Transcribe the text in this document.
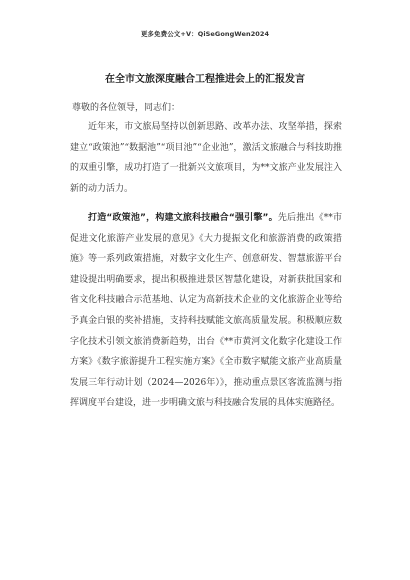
更多免费公文+V：QiSeGongWen2024
在全市文旅深度融合工程推进会上的汇报发言
尊敬的各位领导，同志们：

近年来，市文旅局坚持以创新思路、改革办法、攻坚举措，探索建立“政策池”“数据池”“项目池”“企业池”，激活文旅融合与科技助推的双重引擎，成功打造了一批新兴文旅项目，为**文旅产业发展注入新的动力活力。

打造“政策池”，构建文旅科技融合“强引擎”。先后推出《**市促进文化旅游产业发展的意见》《大力提振文化和旅游消费的政策措施》等一系列政策措施，对数字文化生产、创意研发、智慧旅游平台建设提出明确要求，提出积极推进景区智慧化建设，对新获批国家和省文化科技融合示范基地、认定为高新技术企业的文化旅游企业等给予真金白银的奖补措施，支持科技赋能文旅高质量发展。积极顺应数字化技术引领文旅消费新趋势，出台《**市黄河文化数字化建设工作方案》《数字旅游提升工程实施方案》《全市数字赋能文旅产业高质量发展三年行动计划（2024—2026年）》，推动重点景区客流监测与指挥调度平台建设，进一步明确文旅与科技融合发展的具体实施路径。
